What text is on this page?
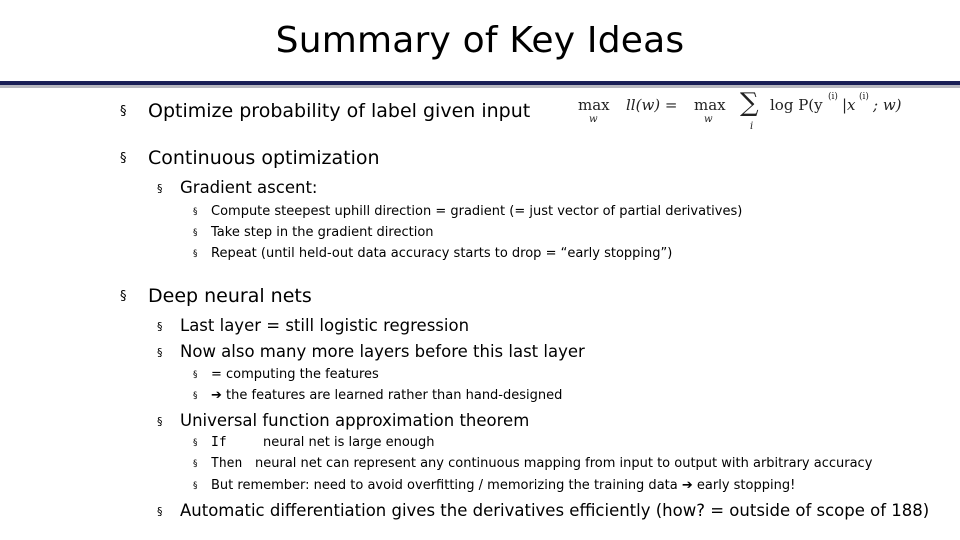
Summary of Key Ideas
§ Optimize probability of label given input	max
w
ll(w) = max
w
∑
i
log P(y (i) |x (i) ; w)
§ Continuous optimization
§ Gradient ascent:
§ Compute steepest uphill direction = gradient (= just vector of partial derivatives)
§ Take step in the gradient direction
§ Repeat (until held-out data accuracy starts to drop = “early stopping”)
§ Deep neural nets
§ Last layer = still logistic regression
§ Now also many more layers before this last layer
§ = computing the features
§ ➔ the features are learned rather than hand-designed
§ Universal function approximation theorem
§ If	neural net is large enough
§ Then neural net can represent any continuous mapping from input to output with arbitrary accuracy
§ But remember: need to avoid overfitting / memorizing the training data ➔ early stopping!
§ Automatic differentiation gives the derivatives efficiently (how? = outside of scope of 188)
